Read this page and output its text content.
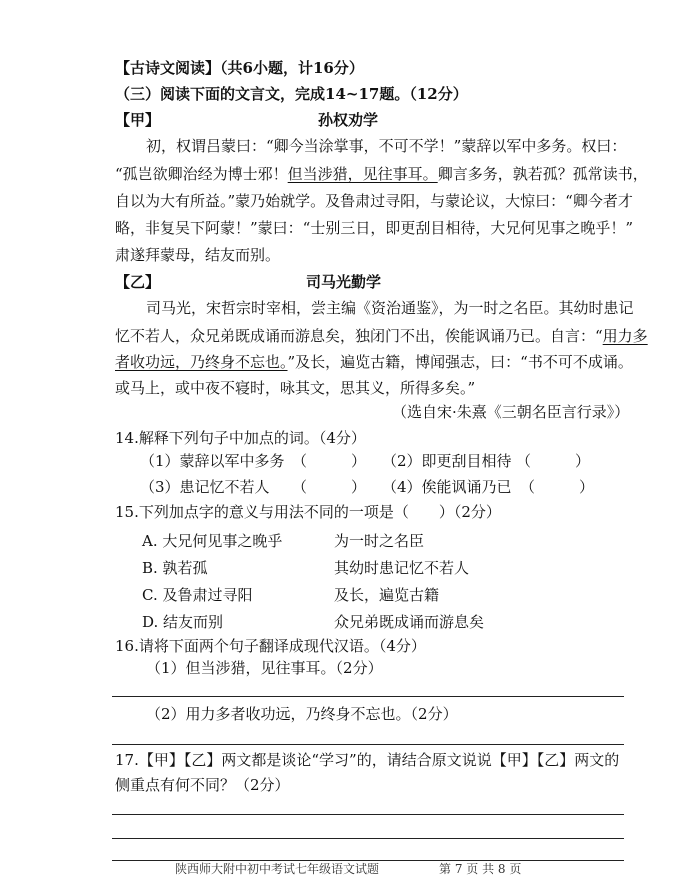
【古诗文阅读】（共6小题，计16分）
（三）阅读下面的文言文，完成14~17题。（12分）
【甲】	孙权劝学
初，权谓吕蒙曰：“卿今当涂掌事，不可不学！”蒙辞以军中多务。权曰：
“孤岂欲卿治经为博士邪！但当涉猎，见往事耳。卿言多务，孰若孤？孤常读书，
自以为大有所益。”蒙乃始就学。及鲁肃过寻阳，与蒙论议，大惊曰：“卿今者才
略，非复吴下阿蒙！”蒙曰：“士别三日，即更刮目相待，大兄何见事之晚乎！”
肃遂拜蒙母，结友而别。
【乙】	司马光勤学
司马光，宋哲宗时宰相，尝主编《资治通鉴》，为一时之名臣。其幼时患记
忆不若人，众兄弟既成诵而游息矣，独闭门不出，俟能讽诵乃已。自言：“用力多
者收功远，乃终身不忘也。”及长，遍览古籍，博闻强志，曰：“书不可不成诵。
或马上，或中夜不寝时，咏其文，思其义，所得多矣。”
（选自宋·朱熹《三朝名臣言行录》）
14.解释下列句子中加点的词。（4分）
（1）蒙辞以军中多务 （	） （2）即更刮目相待 （	）
（3）患记忆不若人 （	） （4）俟能讽诵乃已 （	）
15.下列加点字的意义与用法不同的一项是（　　）（2分）
A. 大兄何见事之晚乎	为一时之名臣
B. 孰若孤	其幼时患记忆不若人
C. 及鲁肃过寻阳	及长，遍览古籍
D. 结友而别	众兄弟既成诵而游息矣
16.请将下面两个句子翻译成现代汉语。（4分）
（1）但当涉猎，见往事耳。（2分）
（2）用力多者收功远，乃终身不忘也。（2分）
17.【甲】【乙】两文都是谈论“学习”的，请结合原文说说【甲】【乙】两文的
侧重点有何不同？（2分）
陕西师大附中初中考试七年级语文试题　　　　　第 7 页 共 8 页
